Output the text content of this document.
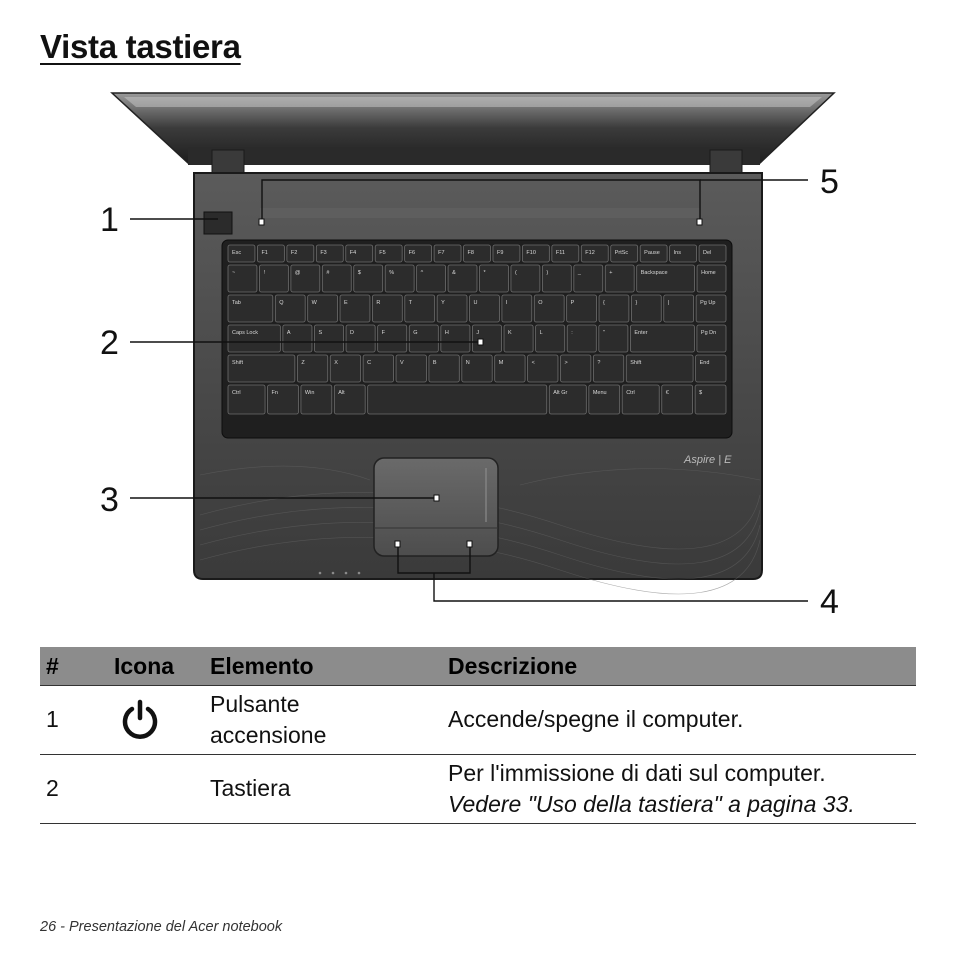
Vista tastiera
Esc	F1	F2	F3	F4	F5	F6	F7	F8	F9	F10	F11	F12	PrtSc	Pause	Ins	Del
~	!	@	#	$	%	^	&	*	(	)	_	+	Backspace	Home
Tab	Q	W	E	R	T	Y	U	I	O	P	{	}	|	Pg Up
Caps Lock	A	S	D	F	G	H	J	K	L	:	"	Enter	Pg Dn
Shift	Z	X	C	V	B	N	M	<	>	?	Shift	End
Ctrl	Fn	Win	Alt	Alt Gr	Menu	Ctrl	€	$
Aspire | E
1
2
3
4
5
#	Icona	Elemento	Descrizione
1		Pulsante
accensione	Accende/spegne il computer.
2		Tastiera	Per l'immissione di dati sul computer.
Vedere "Uso della tastiera" a pagina 33.
26 - Presentazione del Acer notebook
